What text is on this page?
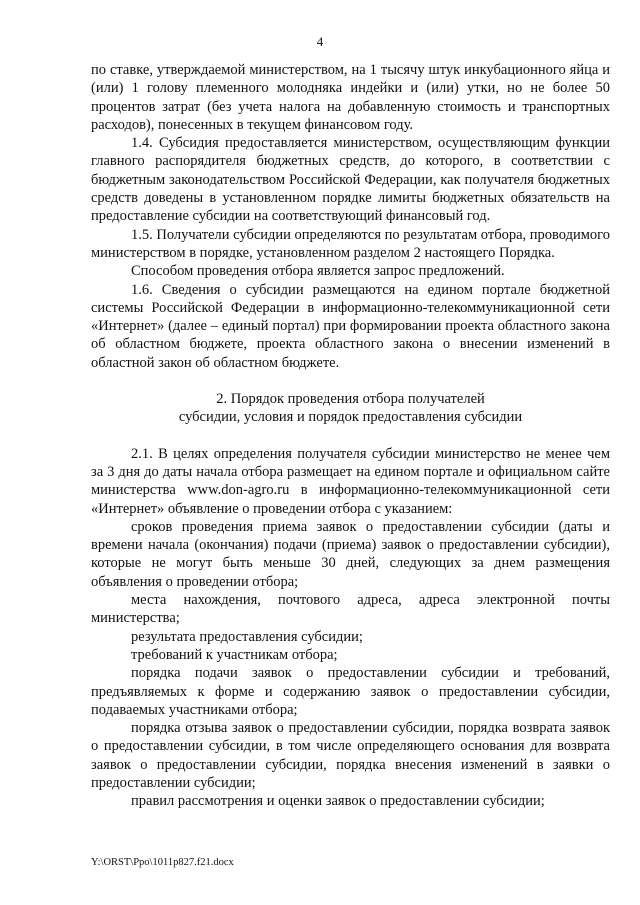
4

по ставке, утверждаемой министерством, на 1 тысячу штук инкубационного яйца и (или) 1 голову племенного молодняка индейки и (или) утки, но не более 50 процентов затрат (без учета налога на добавленную стоимость и транспортных расходов), понесенных в текущем финансовом году.

1.4. Субсидия предоставляется министерством, осуществляющим функции главного распорядителя бюджетных средств, до которого, в соответствии с бюджетным законодательством Российской Федерации, как получателя бюджетных средств доведены в установленном порядке лимиты бюджетных обязательств на предоставление субсидии на соответствующий финансовый год.

1.5. Получатели субсидии определяются по результатам отбора, проводимого министерством в порядке, установленном разделом 2 настоящего Порядка.

Способом проведения отбора является запрос предложений.

1.6. Сведения о субсидии размещаются на едином портале бюджетной системы Российской Федерации в информационно-телекоммуникационной сети «Интернет» (далее – единый портал) при формировании проекта областного закона об областном бюджете, проекта областного закона о внесении изменений в областной закон об областном бюджете.

2. Порядок проведения отбора получателей

субсидии, условия и порядок предоставления субсидии

2.1. В целях определения получателя субсидии министерство не менее чем за 3 дня до даты начала отбора размещает на едином портале и официальном сайте министерства www.don-agro.ru в информационно-телекоммуникационной сети «Интернет» объявление о проведении отбора с указанием:

сроков проведения приема заявок о предоставлении субсидии (даты и времени начала (окончания) подачи (приема) заявок о предоставлении субсидии), которые не могут быть меньше 30 дней, следующих за днем размещения объявления о проведении отбора;

места нахождения, почтового адреса, адреса электронной почты министерства;

результата предоставления субсидии;

требований к участникам отбора;

порядка подачи заявок о предоставлении субсидии и требований, предъявляемых к форме и содержанию заявок о предоставлении субсидии, подаваемых участниками отбора;

порядка отзыва заявок о предоставлении субсидии, порядка возврата заявок о предоставлении субсидии, в том числе определяющего основания для возврата заявок о предоставлении субсидии, порядка внесения изменений в заявки о предоставлении субсидии;

правил рассмотрения и оценки заявок о предоставлении субсидии;

Y:\ORST\Ppo\1011p827.f21.docx
